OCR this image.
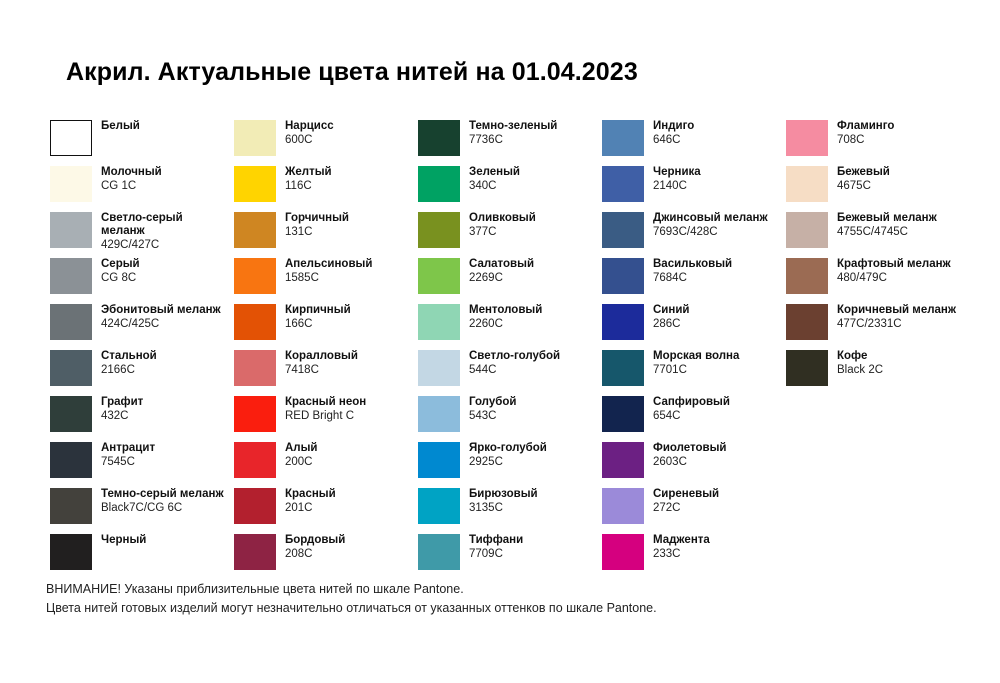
Акрил. Актуальные цвета нитей на 01.04.2023
Белый
Молочный
CG 1C
Светло-серый меланж
429C/427C
Серый
CG 8C
Эбонитовый меланж
424C/425C
Стальной
2166C
Графит
432C
Антрацит
7545C
Темно-серый меланж
Black7C/CG 6C
Черный
Нарцисс
600C
Желтый
116C
Горчичный
131C
Апельсиновый
1585C
Кирпичный
166C
Коралловый
7418C
Красный неон
RED Bright C
Алый
200C
Красный
201C
Бордовый
208C
Темно-зеленый
7736C
Зеленый
340C
Оливковый
377C
Салатовый
2269C
Ментоловый
2260C
Светло-голубой
544C
Голубой
543C
Ярко-голубой
2925C
Бирюзовый
3135C
Тиффани
7709C
Индиго
646C
Черника
2140C
Джинсовый меланж
7693C/428C
Васильковый
7684C
Синий
286C
Морская волна
7701C
Сапфировый
654C
Фиолетовый
2603C
Сиреневый
272C
Маджента
233C
Фламинго
708C
Бежевый
4675C
Бежевый меланж
4755C/4745C
Крафтовый меланж
480/479C
Коричневый меланж
477C/2331C
Кофе
Black 2C
ВНИМАНИЕ! Указаны приблизительные цвета нитей по шкале Pantone.
Цвета нитей готовых изделий могут незначительно отличаться от указанных оттенков по шкале Pantone.
